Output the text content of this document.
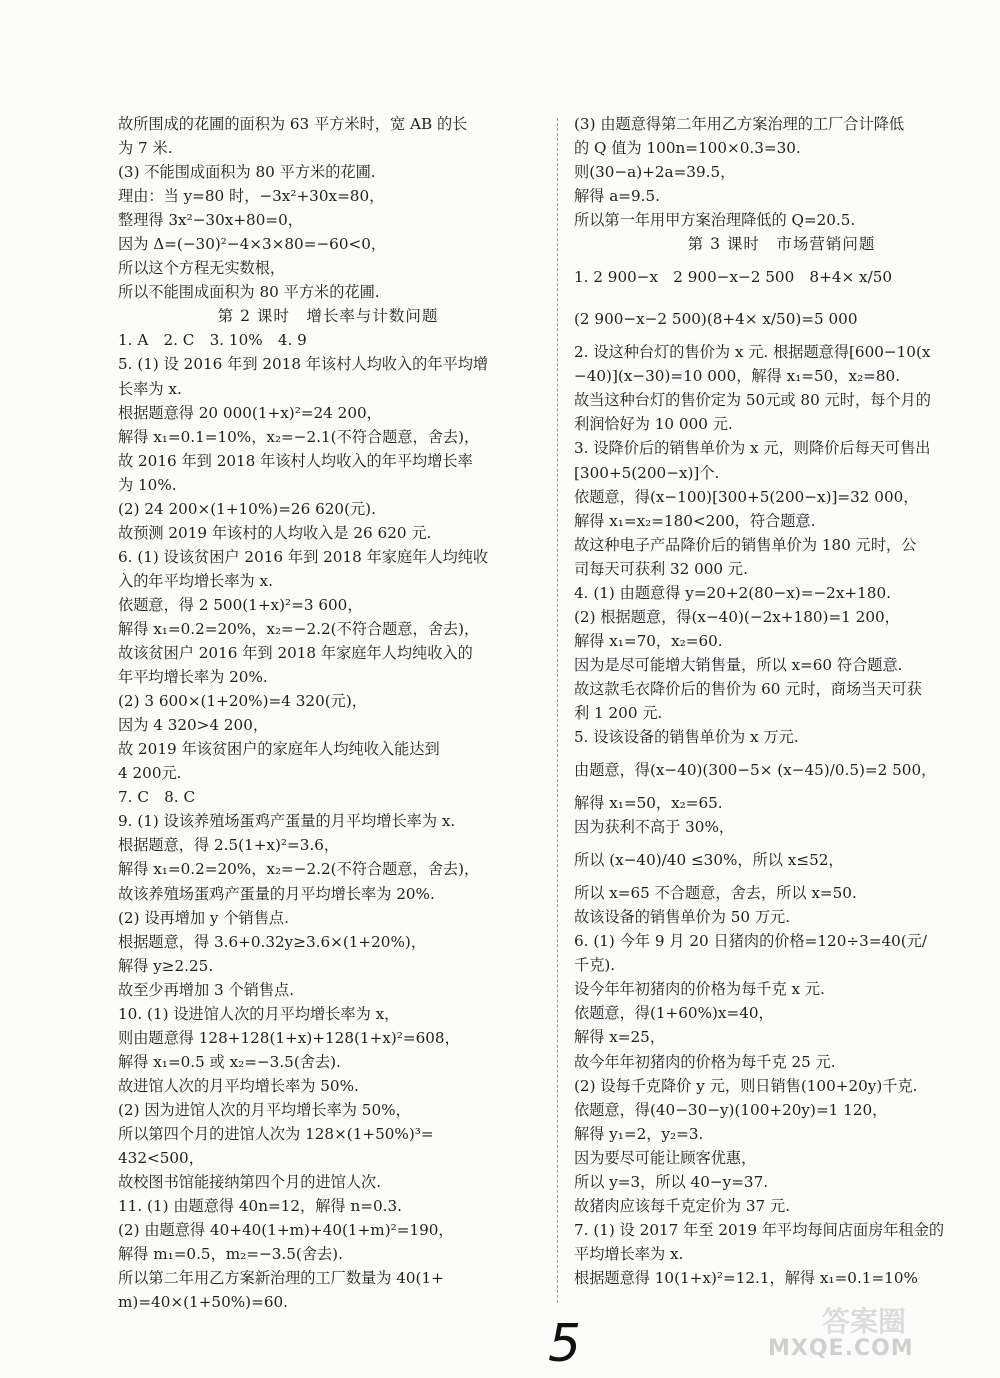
故所围成的花圃的面积为 63 平方米时，宽 AB 的长
为 7 米.
(3) 不能围成面积为 80 平方米的花圃.
理由：当 y=80 时，−3x²+30x=80，
整理得 3x²−30x+80=0，
因为 Δ=(−30)²−4×3×80=−60<0，
所以这个方程无实数根，
所以不能围成面积为 80 平方米的花圃.
第 2 课时　增长率与计数问题
1. A　2. C　3. 10%　4. 9
5. (1) 设 2016 年到 2018 年该村人均收入的年平均增
长率为 x.
根据题意得 20 000(1+x)²=24 200，
解得 x₁=0.1=10%，x₂=−2.1(不符合题意，舍去)，
故 2016 年到 2018 年该村人均收入的年平均增长率
为 10%.
(2) 24 200×(1+10%)=26 620(元).
故预测 2019 年该村的人均收入是 26 620 元.
6. (1) 设该贫困户 2016 年到 2018 年家庭年人均纯收
入的年平均增长率为 x.
依题意，得 2 500(1+x)²=3 600，
解得 x₁=0.2=20%，x₂=−2.2(不符合题意，舍去)，
故该贫困户 2016 年到 2018 年家庭年人均纯收入的
年平均增长率为 20%.
(2) 3 600×(1+20%)=4 320(元)，
因为 4 320>4 200，
故 2019 年该贫困户的家庭年人均纯收入能达到
4 200元.
7. C　8. C
9. (1) 设该养殖场蛋鸡产蛋量的月平均增长率为 x.
根据题意，得 2.5(1+x)²=3.6，
解得 x₁=0.2=20%，x₂=−2.2(不符合题意，舍去)，
故该养殖场蛋鸡产蛋量的月平均增长率为 20%.
(2) 设再增加 y 个销售点.
根据题意，得 3.6+0.32y≥3.6×(1+20%)，
解得 y≥2.25.
故至少再增加 3 个销售点.
10. (1) 设进馆人次的月平均增长率为 x，
则由题意得 128+128(1+x)+128(1+x)²=608，
解得 x₁=0.5 或 x₂=−3.5(舍去).
故进馆人次的月平均增长率为 50%.
(2) 因为进馆人次的月平均增长率为 50%，
所以第四个月的进馆人次为 128×(1+50%)³=
432<500，
故校图书馆能接纳第四个月的进馆人次.
11. (1) 由题意得 40n=12，解得 n=0.3.
(2) 由题意得 40+40(1+m)+40(1+m)²=190，
解得 m₁=0.5，m₂=−3.5(舍去).
所以第二年用乙方案新治理的工厂数量为 40(1+
m)=40×(1+50%)=60.
(3) 由题意得第二年用乙方案治理的工厂合计降低
的 Q 值为 100n=100×0.3=30.
则(30−a)+2a=39.5，
解得 a=9.5.
所以第一年用甲方案治理降低的 Q=20.5.
第 3 课时　市场营销问题
1. 2 900−x　2 900−x−2 500　8+4× x/50
(2 900−x−2 500)(8+4× x/50)=5 000
2. 设这种台灯的售价为 x 元. 根据题意得[600−10(x
−40)](x−30)=10 000，解得 x₁=50，x₂=80.
故当这种台灯的售价定为 50元或 80 元时，每个月的
利润恰好为 10 000 元.
3. 设降价后的销售单价为 x 元，则降价后每天可售出
[300+5(200−x)]个.
依题意，得(x−100)[300+5(200−x)]=32 000，
解得 x₁=x₂=180<200，符合题意.
故这种电子产品降价后的销售单价为 180 元时，公
司每天可获利 32 000 元.
4. (1) 由题意得 y=20+2(80−x)=−2x+180.
(2) 根据题意，得(x−40)(−2x+180)=1 200，
解得 x₁=70，x₂=60.
因为是尽可能增大销售量，所以 x=60 符合题意.
故这款毛衣降价后的售价为 60 元时，商场当天可获
利 1 200 元.
5. 设该设备的销售单价为 x 万元.
由题意，得(x−40)(300−5× (x−45)/0.5)=2 500，
解得 x₁=50，x₂=65.
因为获利不高于 30%，
所以 (x−40)/40 ≤30%，所以 x≤52，
所以 x=65 不合题意，舍去，所以 x=50.
故该设备的销售单价为 50 万元.
6. (1) 今年 9 月 20 日猪肉的价格=120÷3=40(元/
千克).
设今年年初猪肉的价格为每千克 x 元.
依题意，得(1+60%)x=40，
解得 x=25，
故今年年初猪肉的价格为每千克 25 元.
(2) 设每千克降价 y 元，则日销售(100+20y)千克.
依题意，得(40−30−y)(100+20y)=1 120，
解得 y₁=2，y₂=3.
因为要尽可能让顾客优惠，
所以 y=3，所以 40−y=37.
故猪肉应该每千克定价为 37 元.
7. (1) 设 2017 年至 2019 年平均每间店面房年租金的
平均增长率为 x.
根据题意得 10(1+x)²=12.1，解得 x₁=0.1=10%
5	答案圈
MXQE.COM
